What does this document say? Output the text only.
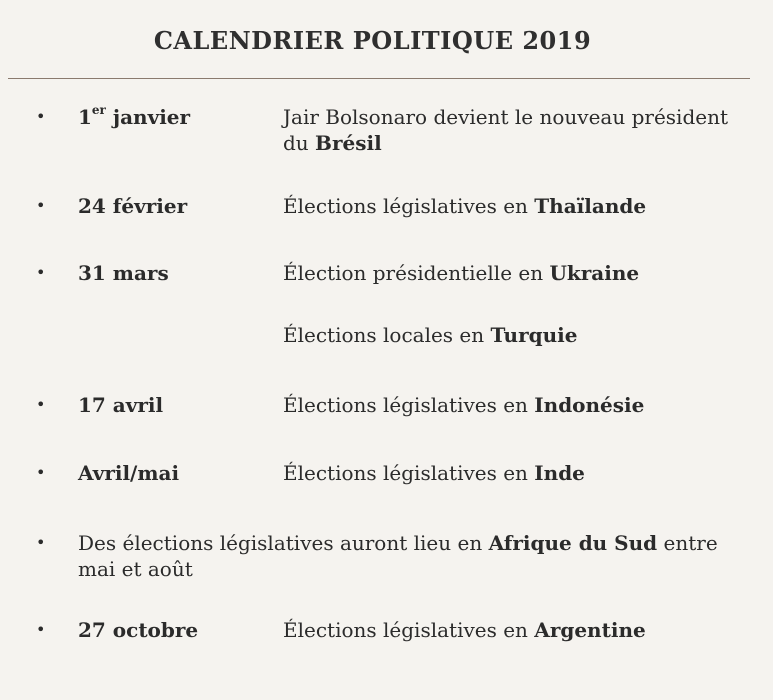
CALENDRIER POLITIQUE 2019
• 1er janvier	Jair Bolsonaro devient le nouveau président du Brésil
• 24 février	Élections législatives en Thaïlande
• 31 mars	Élection présidentielle en Ukraine
Élections locales en Turquie
• 17 avril	Élections législatives en Indonésie
• Avril/mai	Élections législatives en Inde
• Des élections législatives auront lieu en Afrique du Sud entre mai et août
• 27 octobre	Élections législatives en Argentine
